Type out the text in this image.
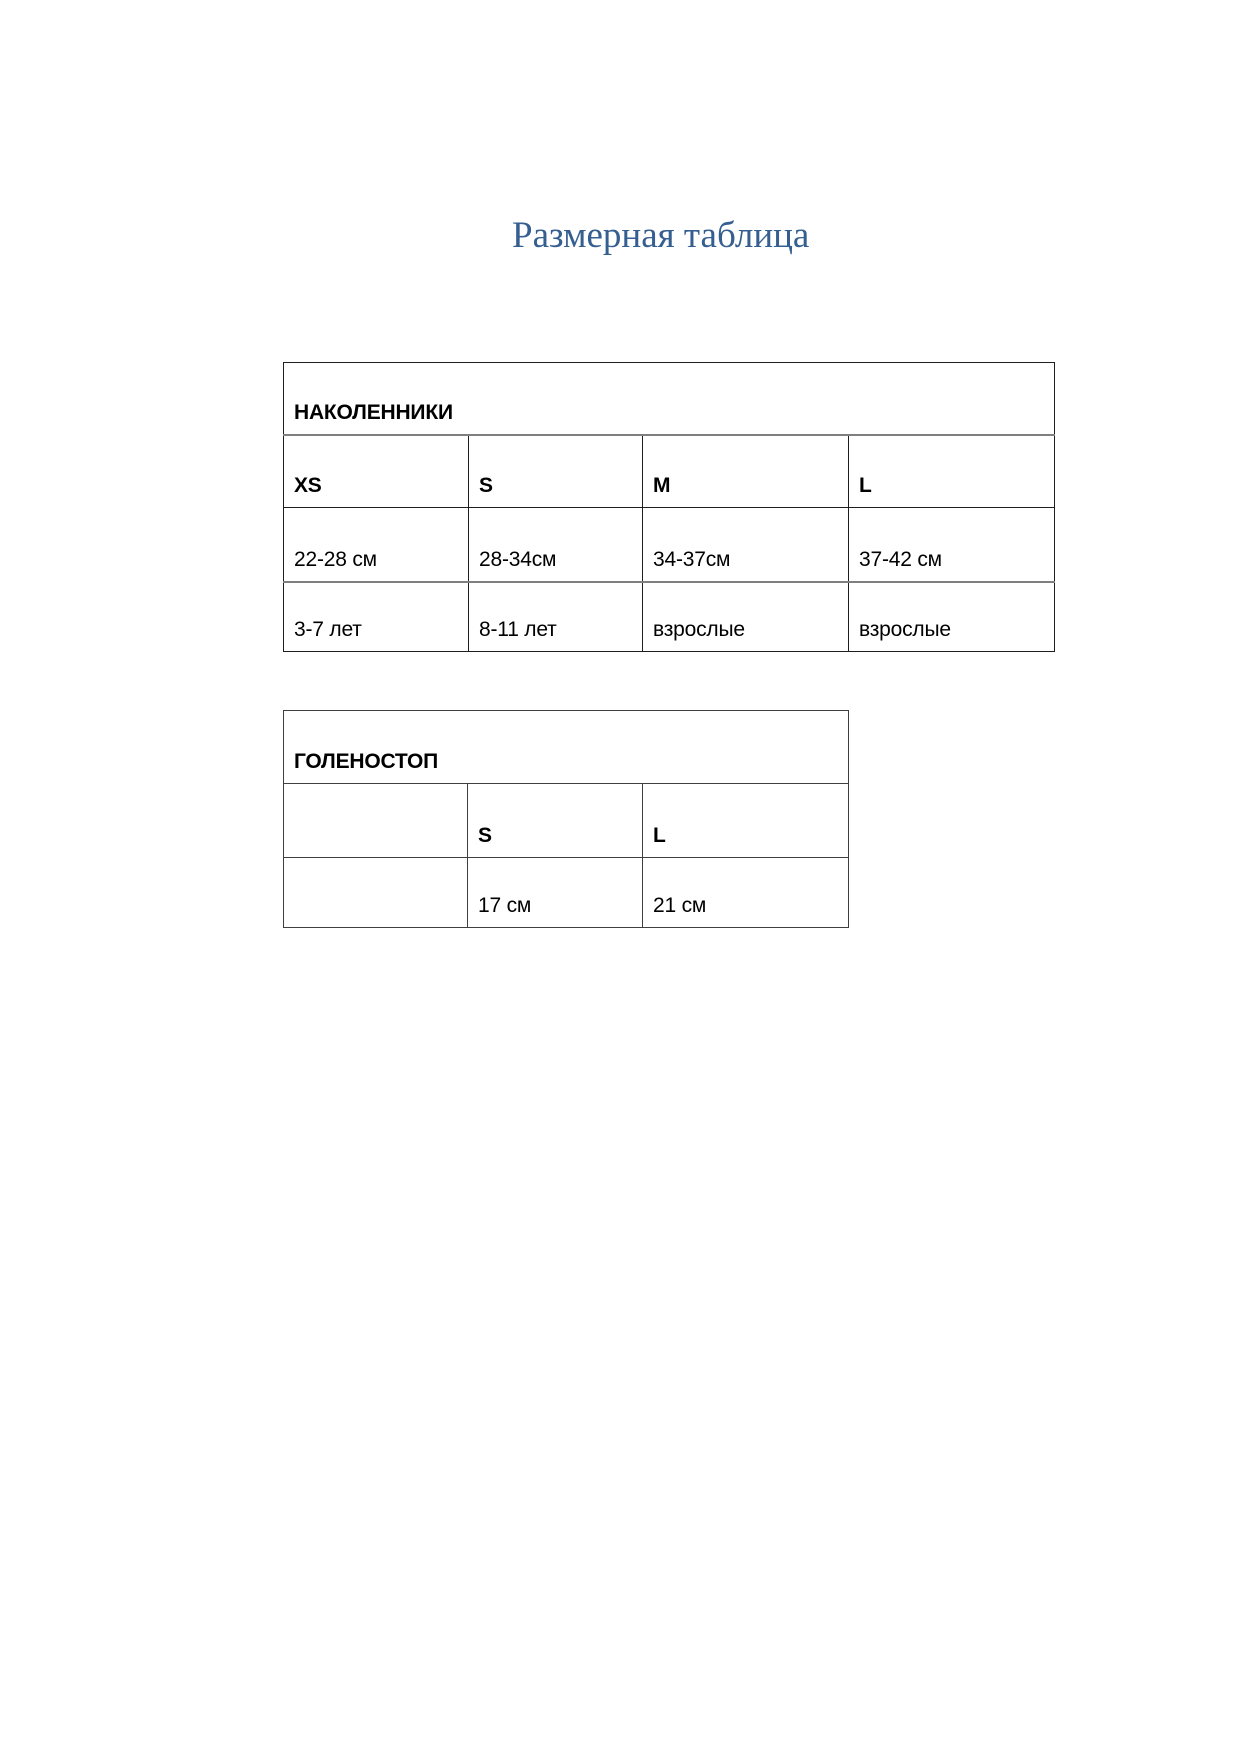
Размерная таблица
НАКОЛЕННИКИ			
XS	S	M	L
22-28 см	28-34см	34-37см	37-42 см
3-7 лет	8-11 лет	взрослые	взрослые
ГОЛЕНОСТОП		
	S	L
	17 см	21 см
